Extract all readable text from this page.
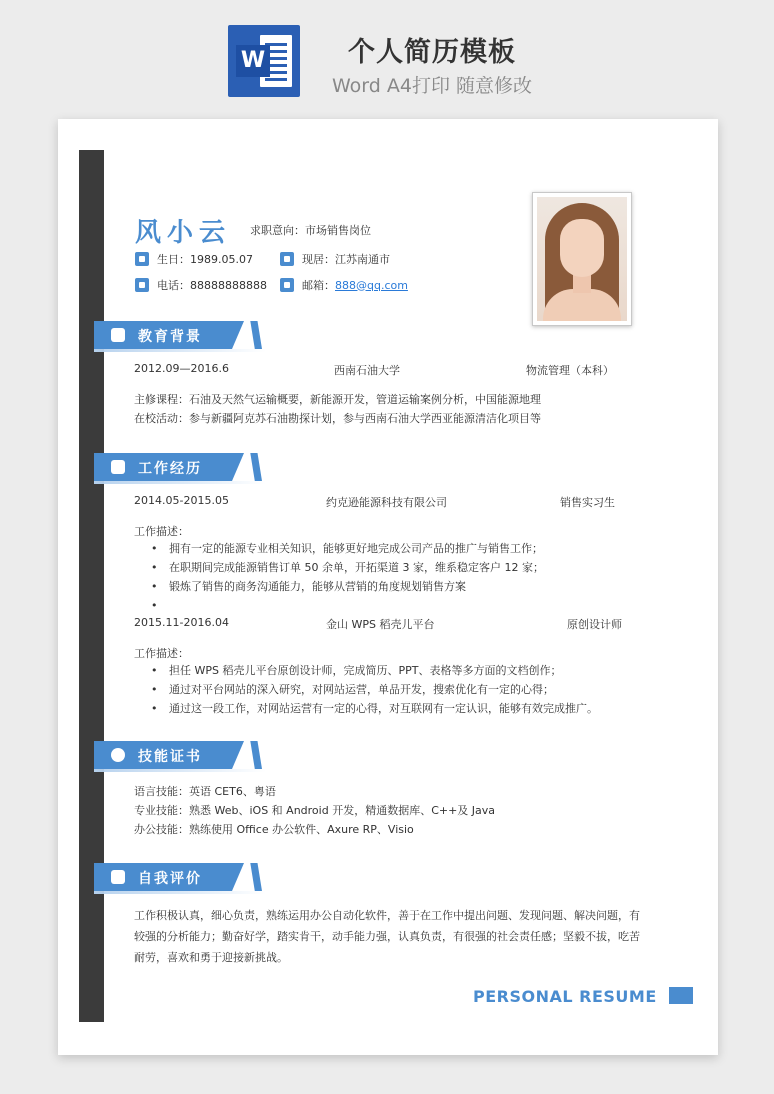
W	个人简历模板
Word A4打印 随意修改
风小云 求职意向：市场销售岗位
生日： 1989.05.07	现居： 江苏南通市
电话： 88888888888	邮箱： 888@qq.com
教育背景
2012.09—2016.6	西南石油大学	物流管理（本科）
主修课程：石油及天然气运输概要，新能源开发，管道运输案例分析，中国能源地理
在校活动：参与新疆阿克苏石油勘探计划，参与西南石油大学西亚能源清洁化项目等
工作经历
2014.05-2015.05	约克逊能源科技有限公司	销售实习生
工作描述：
• 拥有一定的能源专业相关知识，能够更好地完成公司产品的推广与销售工作；
• 在职期间完成能源销售订单 50 余单，开拓渠道 3 家，维系稳定客户 12 家；
• 锻炼了销售的商务沟通能力，能够从营销的角度规划销售方案
•
2015.11-2016.04	金山 WPS 稻壳儿平台	原创设计师
工作描述：
• 担任 WPS 稻壳儿平台原创设计师，完成简历、PPT、表格等多方面的文档创作；
• 通过对平台网站的深入研究，对网站运营，单品开发，搜索优化有一定的心得；
• 通过这一段工作，对网站运营有一定的心得，对互联网有一定认识，能够有效完成推广。
技能证书
语言技能：英语 CET6、粤语
专业技能：熟悉 Web、iOS 和 Android 开发，精通数据库、C++及 Java
办公技能：熟练使用 Office 办公软件、Axure RP、Visio
自我评价
工作积极认真，细心负责，熟练运用办公自动化软件，善于在工作中提出问题、发现问题、解决问题，有
较强的分析能力；勤奋好学，踏实肯干，动手能力强，认真负责，有很强的社会责任感；坚毅不拔，吃苦
耐劳，喜欢和勇于迎接新挑战。
PERSONAL RESUME
